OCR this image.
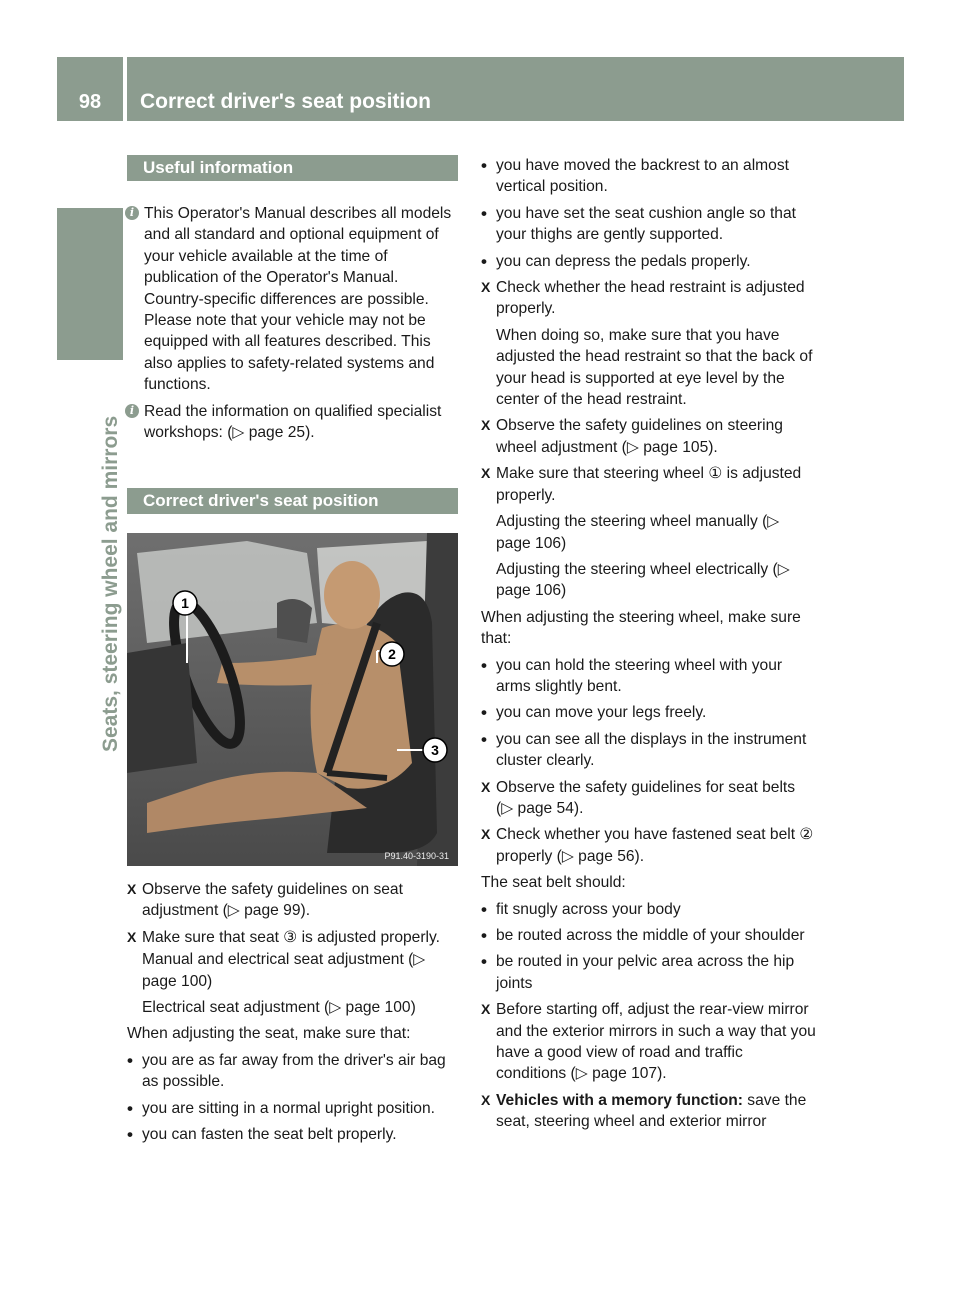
98	Correct driver's seat position
Seats, steering wheel and mirrors
Useful information
i This Operator's Manual describes all models and all standard and optional equipment of your vehicle available at the time of publication of the Operator's Manual. Country-specific differences are possible. Please note that your vehicle may not be equipped with all features described. This also applies to safety-related systems and functions.
i Read the information on qualified specialist workshops: (▷ page 25).
Correct driver's seat position
1
2
3
P91.40-3190-31
X Observe the safety guidelines on seat adjustment (▷ page 99).
X Make sure that seat ③ is adjusted properly.
Manual and electrical seat adjustment (▷ page 100)
Electrical seat adjustment (▷ page 100)
When adjusting the seat, make sure that:
• you are as far away from the driver's air bag as possible.
• you are sitting in a normal upright position.
• you can fasten the seat belt properly.
• you have moved the backrest to an almost vertical position.
• you have set the seat cushion angle so that your thighs are gently supported.
• you can depress the pedals properly.
X Check whether the head restraint is adjusted properly.
When doing so, make sure that you have adjusted the head restraint so that the back of your head is supported at eye level by the center of the head restraint.
X Observe the safety guidelines on steering wheel adjustment (▷ page 105).
X Make sure that steering wheel ① is adjusted properly.
Adjusting the steering wheel manually (▷ page 106)
Adjusting the steering wheel electrically (▷ page 106)
When adjusting the steering wheel, make sure that:
• you can hold the steering wheel with your arms slightly bent.
• you can move your legs freely.
• you can see all the displays in the instrument cluster clearly.
X Observe the safety guidelines for seat belts (▷ page 54).
X Check whether you have fastened seat belt ② properly (▷ page 56).
The seat belt should:
• fit snugly across your body
• be routed across the middle of your shoulder
• be routed in your pelvic area across the hip joints
X Before starting off, adjust the rear-view mirror and the exterior mirrors in such a way that you have a good view of road and traffic conditions (▷ page 107).
X Vehicles with a memory function: save the seat, steering wheel and exterior mirror
